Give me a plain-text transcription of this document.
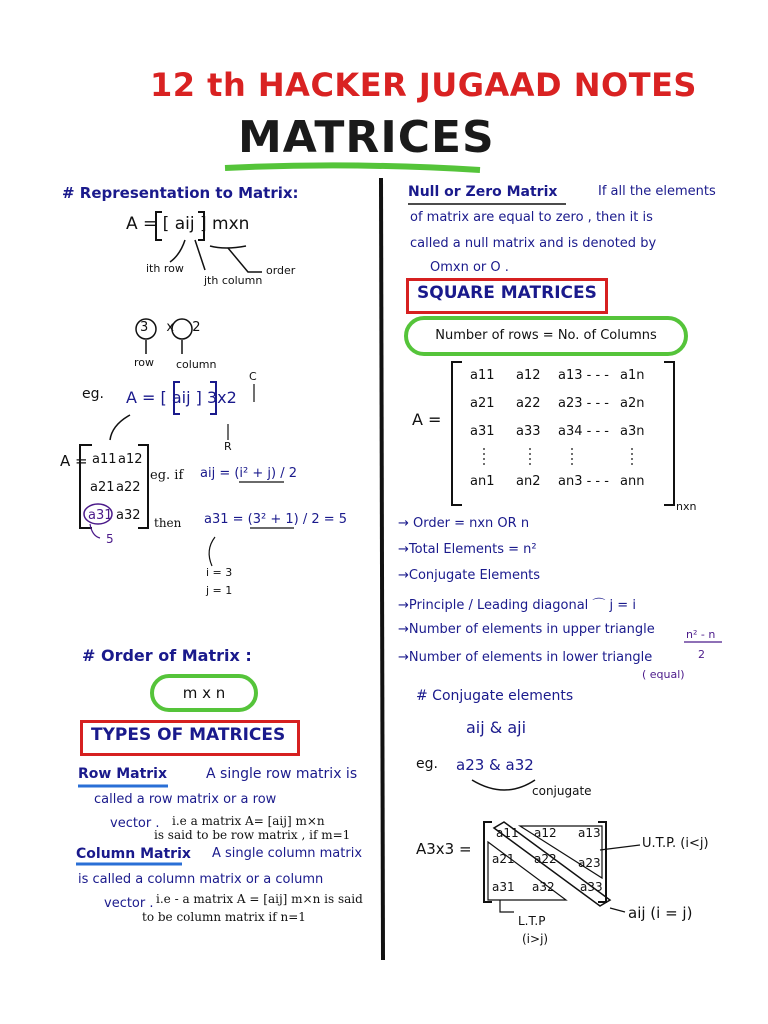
12 th HACKER JUGAAD NOTES
MATRICES
# Representation to Matrix:
A = [ aij ] mxn
ith row
jth column
order
3 x 2
row column
eg. A = [ aij ] 3x2
C
R
A = a11 a12
a21 a22
a31 a32
5
eg. if aij = (i² + j) / 2
then a31 = (3² + 1) / 2 = 5
i = 3
j = 1
# Order of Matrix :
m x n
TYPES OF MATRICES
Row Matrix	A single row matrix is
called a row matrix or a row
vector . i.e a matrix A= [aij] m×n
is said to be row matrix , if m=1
Column Matrix A single column matrix
is called a column matrix or a column
vector . i.e - a matrix A = [aij] m×n is said
to be column matrix if n=1
Null or Zero Matrix	If all the elements
of matrix are equal to zero , then it is
called a null matrix and is denoted by
Omxn or O .
SQUARE MATRICES
Number of rows = No. of Columns
A =
a11 a12 a13 - - - a1n
a21 a22 a23 - - - a2n
a31 a33 a34 - - - a3n
an1 an2 an3 - - - ann
nxn
→ Order = nxn OR n
→Total Elements = n²
→Conjugate Elements
→Principle / Leading diagonal ⌒ j = i
→Number of elements in upper triangle
→Number of elements in lower triangle
n² - n
2
( equal)
# Conjugate elements
aij & aji
eg. a23 & a32
conjugate
A3x3 =
a11 a12 a13
a21 a22 a23
a31 a32 a33
U.T.P. (i<j)
L.T.P
(i>j)
aij (i = j)
